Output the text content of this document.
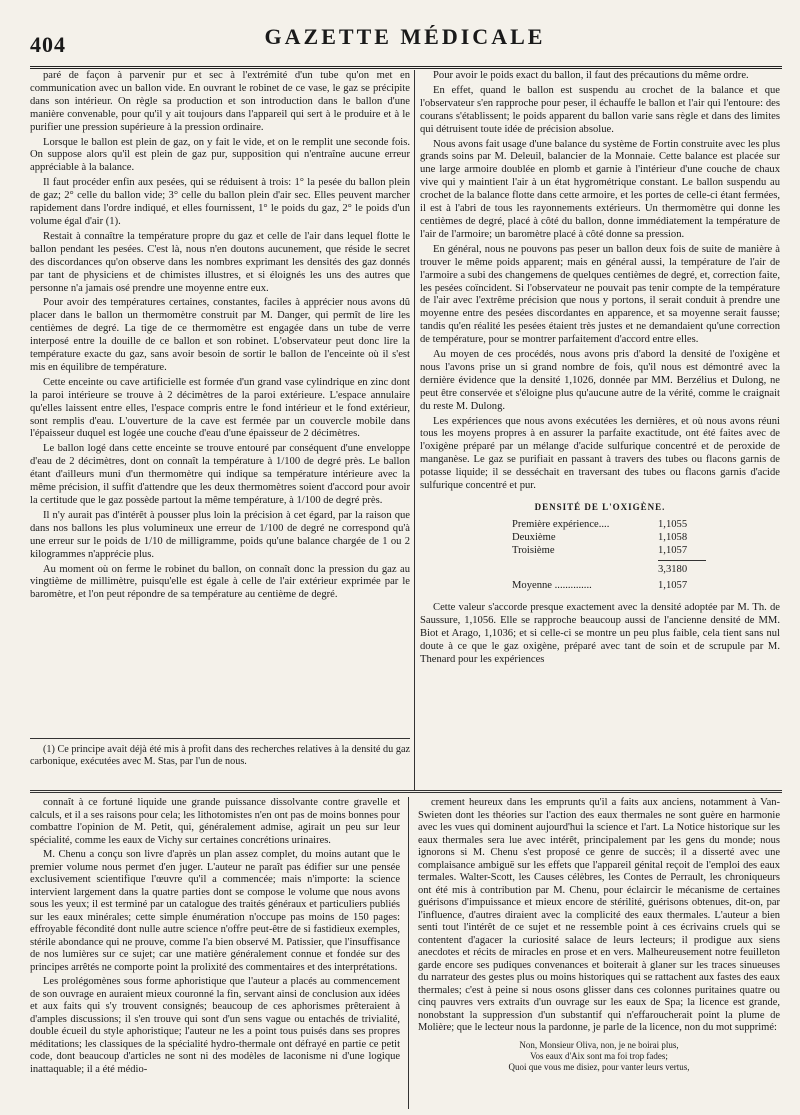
404	GAZETTE MÉDICALE

paré de façon à parvenir pur et sec à l'extrémité d'un tube qu'on met en communication avec un ballon vide. En ouvrant le robinet de ce vase, le gaz se précipite dans son intérieur. On règle sa production et son introduction dans le ballon d'une manière convenable, pour qu'il y ait toujours dans l'appareil qui sert à le produire et à le purifier une pression supérieure à la pression ordinaire.

Lorsque le ballon est plein de gaz, on y fait le vide, et on le remplit une seconde fois. On suppose alors qu'il est plein de gaz pur, supposition qui n'entraîne aucune erreur appréciable à la balance.

Il faut procéder enfin aux pesées, qui se réduisent à trois: 1° la pesée du ballon plein de gaz; 2° celle du ballon vide; 3° celle du ballon plein d'air sec. Elles peuvent marcher rapidement dans l'ordre indiqué, et elles fournissent, 1° le poids du gaz, 2° le poids d'un volume égal d'air (1).

Restait à connaître la température propre du gaz et celle de l'air dans lequel flotte le ballon pendant les pesées. C'est là, nous n'en doutons aucunement, que réside le secret des discordances qu'on observe dans les nombres exprimant les densités des gaz donnés par tant de physiciens et de chimistes illustres, et si éloignés les uns des autres que personne n'a jamais osé prendre une moyenne entre eux.

Pour avoir des températures certaines, constantes, faciles à apprécier nous avons dû placer dans le ballon un thermomètre construit par M. Danger, qui permît de lire les centièmes de degré. La tige de ce thermomètre est engagée dans un tube de verre interposé entre la douille de ce ballon et son robinet. L'observateur peut donc lire la température exacte du gaz, sans avoir besoin de sortir le ballon de l'enceinte où il s'est mis en équilibre de température.

Cette enceinte ou cave artificielle est formée d'un grand vase cylindrique en zinc dont la paroi intérieure se trouve à 2 décimètres de la paroi extérieure. L'espace annulaire qu'elles laissent entre elles, l'espace compris entre le fond intérieur et le fond extérieur, sont remplis d'eau. L'ouverture de la cave est fermée par un couvercle mobile dans l'épaisseur duquel est logée une couche d'eau d'une épaisseur de 2 décimètres.

Le ballon logé dans cette enceinte se trouve entouré par conséquent d'une enveloppe d'eau de 2 décimètres, dont on connaît la température à 1/100 de degré près. Le ballon étant d'ailleurs muni d'un thermomètre qui indique sa température intérieure avec la même précision, il suffit d'attendre que les deux thermomètres soient d'accord pour avoir la certitude que le gaz possède partout la même température, à 1/100 de degré près.

Il n'y aurait pas d'intérêt à pousser plus loin la précision à cet égard, par la raison que dans nos ballons les plus volumineux une erreur de 1/100 de degré ne correspond qu'à une erreur sur le poids de 1/10 de milligramme, poids qu'une balance chargée de 1 ou 2 kilogrammes n'apprécie plus.

Au moment où on ferme le robinet du ballon, on connaît donc la pression du gaz au vingtième de millimètre, puisqu'elle est égale à celle de l'air extérieur exprimée par le baromètre, et l'on peut répondre de sa température au centième de degré.

(1) Ce principe avait déjà été mis à profit dans des recherches relatives à la densité du gaz carbonique, exécutées avec M. Stas, par l'un de nous.

Pour avoir le poids exact du ballon, il faut des précautions du même ordre.

En effet, quand le ballon est suspendu au crochet de la balance et que l'observateur s'en rapproche pour peser, il échauffe le ballon et l'air qui l'entoure: des courans s'établissent; le poids apparent du ballon varie sans règle et dans des limites qui détruisent toute idée de précision absolue.

Nous avons fait usage d'une balance du système de Fortin construite avec les plus grands soins par M. Deleuil, balancier de la Monnaie. Cette balance est placée sur une large armoire doublée en plomb et garnie à l'intérieur d'une couche de chaux vive qui y maintient l'air à un état hygrométrique constant. Le ballon suspendu au crochet de la balance flotte dans cette armoire, et les portes de celle-ci étant fermées, il est à l'abri de tous les rayonnements extérieurs. Un thermomètre qui donne les centièmes de degré, placé à côté du ballon, donne immédiatement la température de l'air de l'armoire; un baromètre placé à côté donne sa pression.

En général, nous ne pouvons pas peser un ballon deux fois de suite de manière à trouver le même poids apparent; mais en général aussi, la température de l'air de l'armoire a subi des changemens de quelques centièmes de degré, et, correction faite, les pesées coïncident. Si l'observateur ne pouvait pas tenir compte de la température de l'air avec l'extrême précision que nous y portons, il serait conduit à prendre une moyenne entre des pesées discordantes en apparence, et sa moyenne serait fausse; tandis qu'en réalité les pesées étaient très justes et ne demandaient qu'une correction de température, pour se montrer parfaitement d'accord entre elles.

Au moyen de ces procédés, nous avons pris d'abord la densité de l'oxigène et nous l'avons prise un si grand nombre de fois, qu'il nous est démontré avec la dernière évidence que la densité 1,1026, donnée par MM. Berzélius et Dulong, ne peut être conservée et s'éloigne plus qu'aucune autre de la vérité, comme le craignait du reste M. Dulong.

Les expériences que nous avons exécutées les dernières, et où nous avons réuni tous les moyens propres à en assurer la parfaite exactitude, ont été faites avec de l'oxigène préparé par un mélange d'acide sulfurique concentré et de peroxide de manganèse. Le gaz se purifiait en passant à travers des tubes ou flacons garnis de potasse liquide; il se desséchait en traversant des tubes ou flacons garnis d'acide sulfurique concentré et pur.

DENSITÉ DE L'OXIGÈNE.
Première expérience....	1,1055
Deuxième	1,1058
Troisième	1,1057
3,3180
Moyenne ..............	1,1057

Cette valeur s'accorde presque exactement avec la densité adoptée par M. Th. de Saussure, 1,1056. Elle se rapproche beaucoup aussi de l'ancienne densité de MM. Biot et Arago, 1,1036; et si celle-ci se montre un peu plus faible, cela tient sans nul doute à ce que le gaz oxigène, préparé avec tant de soin et de scrupule par M. Thenard pour les expériences

connaît à ce fortuné liquide une grande puissance dissolvante contre gravelle et calculs, et il a ses raisons pour cela; les lithotomistes n'en ont pas de moins bonnes pour combattre l'opinion de M. Petit, qui, généralement admise, agirait un peu sur leur spécialité, comme les eaux de Vichy sur certaines concrétions urinaires.

M. Chenu a conçu son livre d'après un plan assez complet, du moins autant que le premier volume nous permet d'en juger. L'auteur ne paraît pas édifier sur une pensée exclusivement scientifique l'œuvre qu'il a commencée; mais n'importe: la science intervient largement dans la quatre parties dont se compose le volume que nous avons sous les yeux; il est terminé par un catalogue des traités généraux et particuliers publiés sur les eaux minérales; cette simple énumération n'occupe pas moins de 150 pages: effroyable fécondité dont nulle autre science n'offre peut-être de si fastidieux exemples, stérile abondance qui ne prouve, comme l'a bien observé M. Patissier, que l'insuffisance de nos lumières sur ce sujet; car une matière généralement connue et fondée sur des principes arrêtés ne comporte point la prolixité des commentaires et des interprétations.

Les prolégomènes sous forme aphoristique que l'auteur a placés au commencement de son ouvrage en auraient mieux couronné la fin, servant ainsi de conclusion aux idées et aux faits qui s'y trouvent consignés; beaucoup de ces aphorismes prêteraient à d'amples discussions; il s'en trouve qui sont d'un sens vague ou entachés de trivialité, double écueil du style aphoristique; l'auteur ne les a point tous puisés dans ses propres méditations; les classiques de la spécialité hydro-thermale ont défrayé en partie ce petit code, dont beaucoup d'articles ne sont ni des modèles de laconisme ni d'une logique inattaquable; il a été médio-

crement heureux dans les emprunts qu'il a faits aux anciens, notamment à Van-Swieten dont les théories sur l'action des eaux thermales ne sont guère en harmonie avec les vues qui dominent aujourd'hui la science et l'art. La Notice historique sur les eaux thermales sera lue avec intérêt, principalement par les gens du monde; nous ignorons si M. Chenu s'est proposé ce genre de succès; il a disserté avec une complaisance ambiguë sur les effets que l'appareil génital reçoit de l'emploi des eaux termales. Walter-Scott, les Causes célèbres, les Contes de Perrault, les chroniqueurs ont été mis à contribution par M. Chenu, pour éclaircir le mécanisme de certaines guérisons d'impuissance et mieux encore de stérilité, guérisons obtenues, dit-on, par l'influence, d'autres diraient avec la complicité des eaux thermales. L'auteur a bien senti tout l'intérêt de ce sujet et ne ressemble point à ces écrivains cruels qui se contentent d'agacer la curiosité salace de leurs lecteurs; il prodigue aux siens anecdotes et récits de miracles en prose et en vers. Malheureusement notre feuilleton garde encore ses pudiques convenances et boiterait à glaner sur les traces sinueuses du narrateur des gestes plus ou moins historiques qui se rattachent aux fastes des eaux thermales; c'est à peine si nous osons glisser dans ces colonnes puritaines quatre ou cinq pauvres vers extraits d'un ouvrage sur les eaux de Spa; la licence est grande, nonobstant la suppression d'un substantif qui n'effaroucherait point la plume de Molière; que le lecteur nous la pardonne, je parle de la licence, non du mot supprimé:

Non, Monsieur Oliva, non, je ne boirai plus,
Vos eaux d'Aix sont ma foi trop fades;
Quoi que vous me disiez, pour vanter leurs vertus,
